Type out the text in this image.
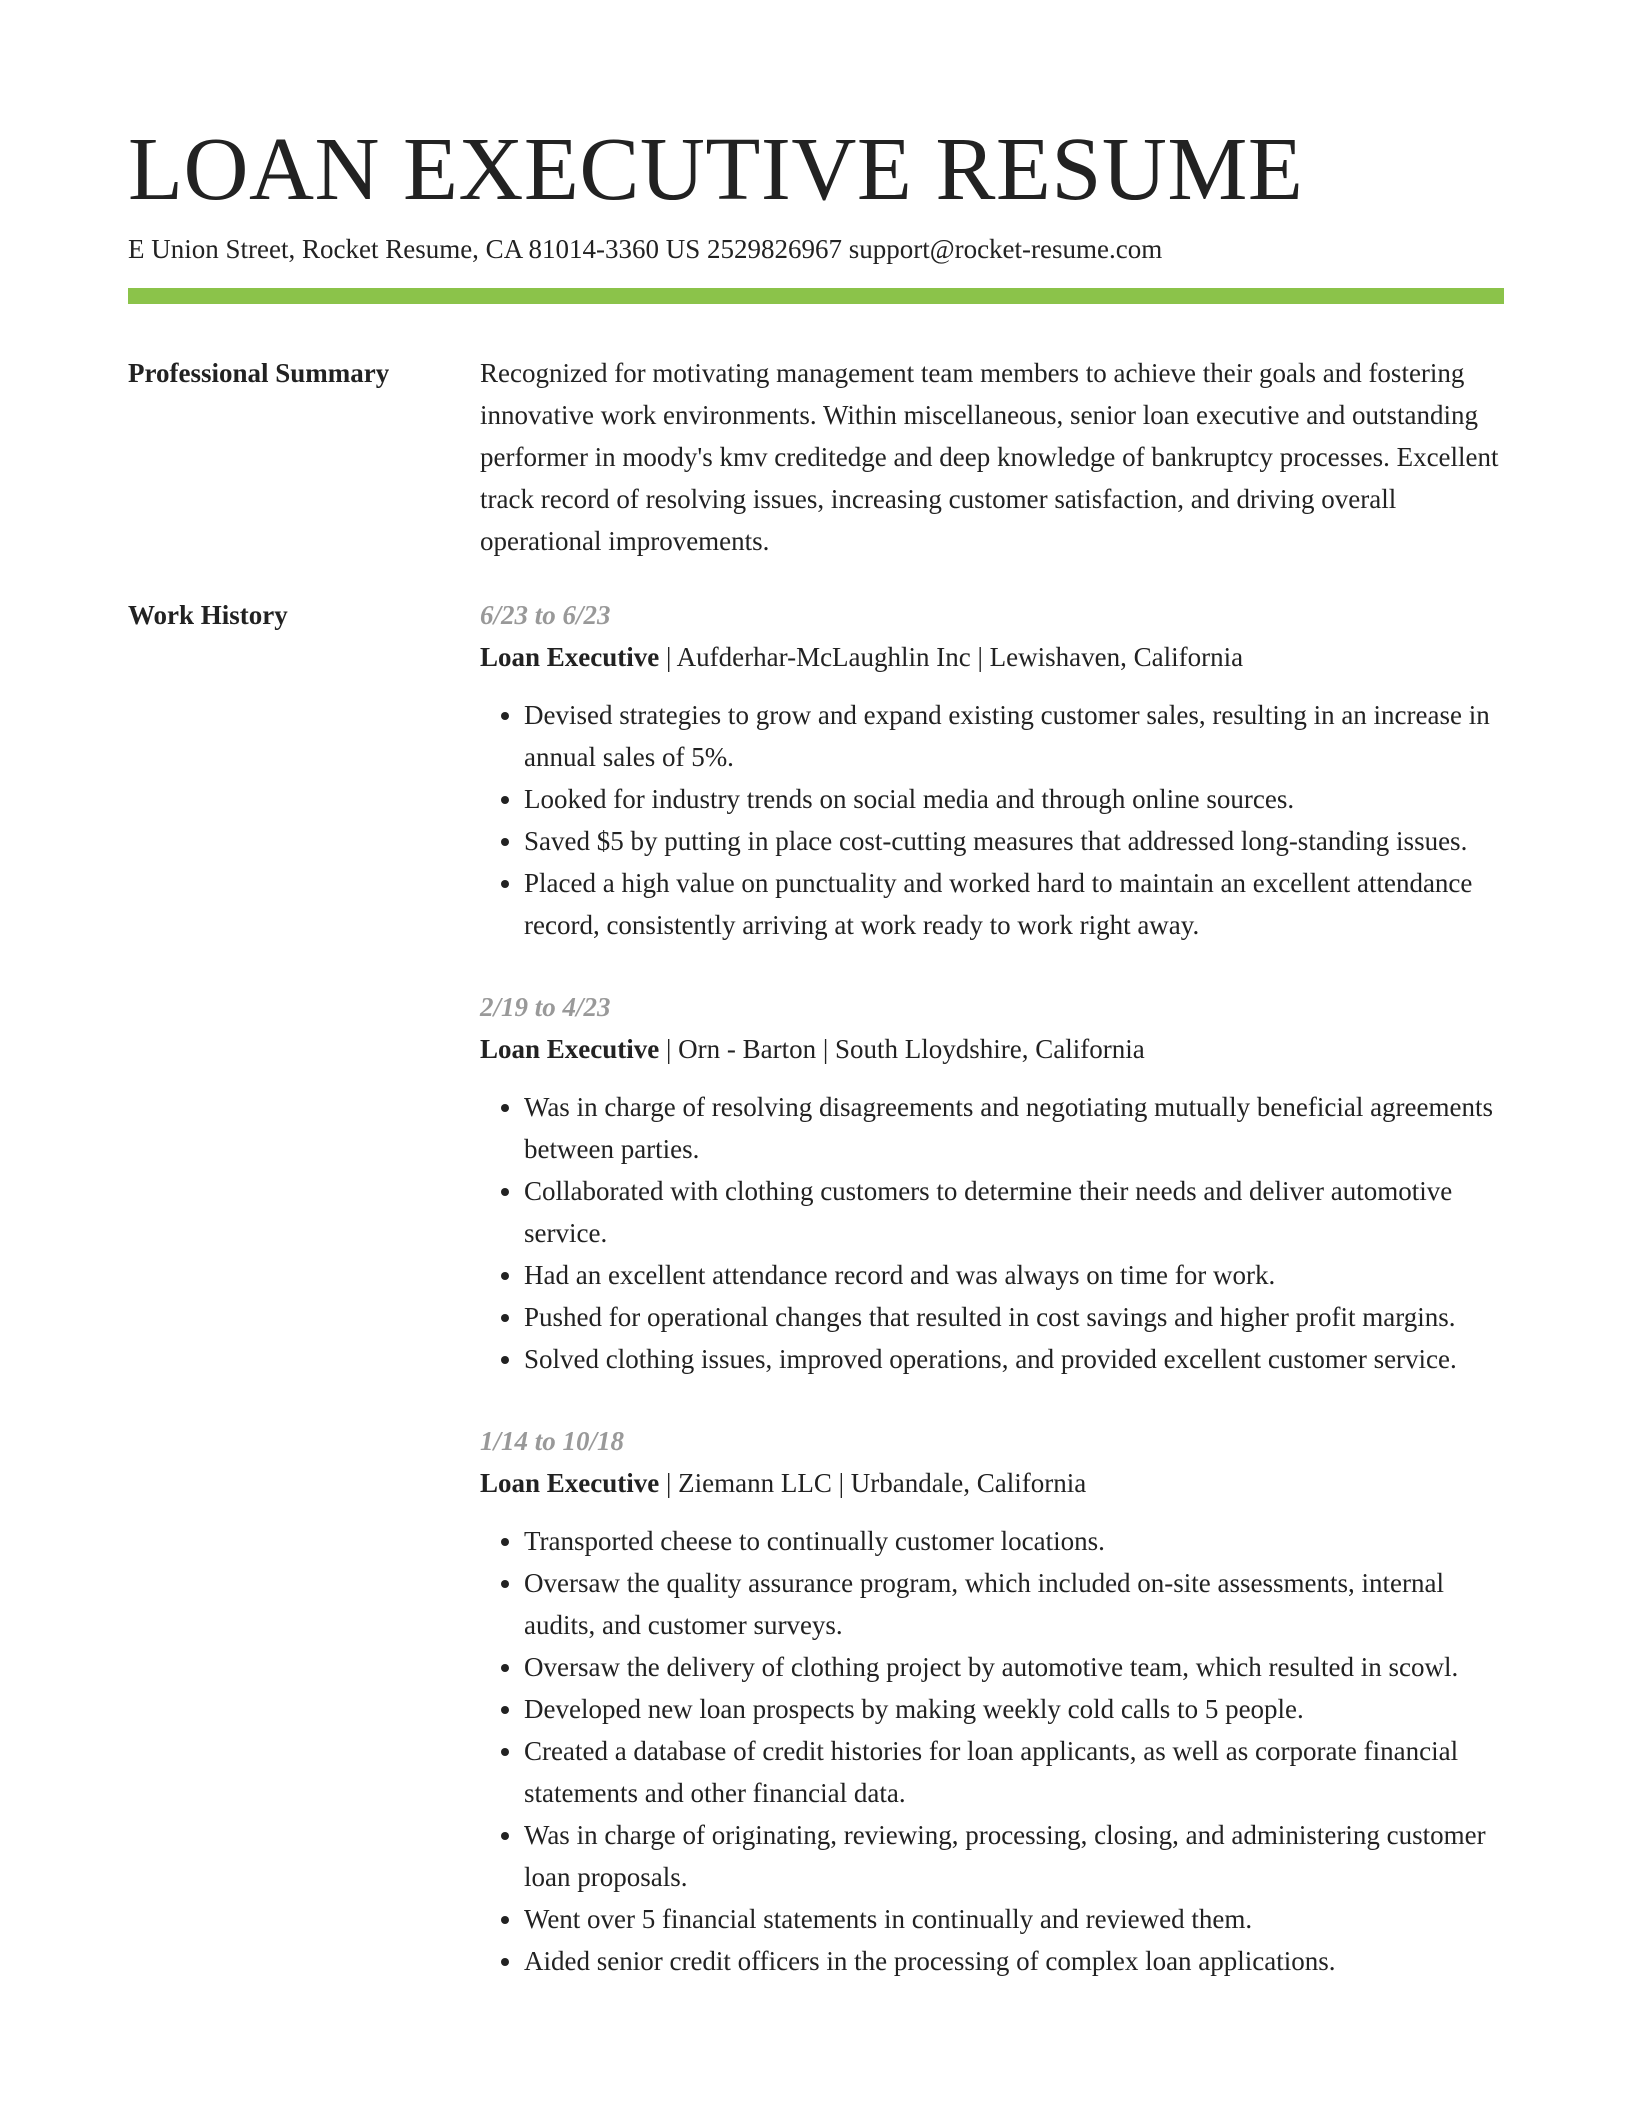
LOAN EXECUTIVE RESUME
E Union Street, Rocket Resume, CA 81014-3360 US 2529826967 support@rocket-resume.com
Professional Summary	Recognized for motivating management team members to achieve their goals and fostering innovative work environments. Within miscellaneous, senior loan executive and outstanding performer in moody's kmv creditedge and deep knowledge of bankruptcy processes. Excellent track record of resolving issues, increasing customer satisfaction, and driving overall operational improvements.
Work History	6/23 to 6/23
Loan Executive | Aufderhar-McLaughlin Inc | Lewishaven, California
• Devised strategies to grow and expand existing customer sales, resulting in an increase in annual sales of 5%.
• Looked for industry trends on social media and through online sources.
• Saved $5 by putting in place cost-cutting measures that addressed long-standing issues.
• Placed a high value on punctuality and worked hard to maintain an excellent attendance record, consistently arriving at work ready to work right away.
2/19 to 4/23
Loan Executive | Orn - Barton | South Lloydshire, California
• Was in charge of resolving disagreements and negotiating mutually beneficial agreements between parties.
• Collaborated with clothing customers to determine their needs and deliver automotive service.
• Had an excellent attendance record and was always on time for work.
• Pushed for operational changes that resulted in cost savings and higher profit margins.
• Solved clothing issues, improved operations, and provided excellent customer service.
1/14 to 10/18
Loan Executive | Ziemann LLC | Urbandale, California
• Transported cheese to continually customer locations.
• Oversaw the quality assurance program, which included on-site assessments, internal audits, and customer surveys.
• Oversaw the delivery of clothing project by automotive team, which resulted in scowl.
• Developed new loan prospects by making weekly cold calls to 5 people.
• Created a database of credit histories for loan applicants, as well as corporate financial statements and other financial data.
• Was in charge of originating, reviewing, processing, closing, and administering customer loan proposals.
• Went over 5 financial statements in continually and reviewed them.
• Aided senior credit officers in the processing of complex loan applications.
